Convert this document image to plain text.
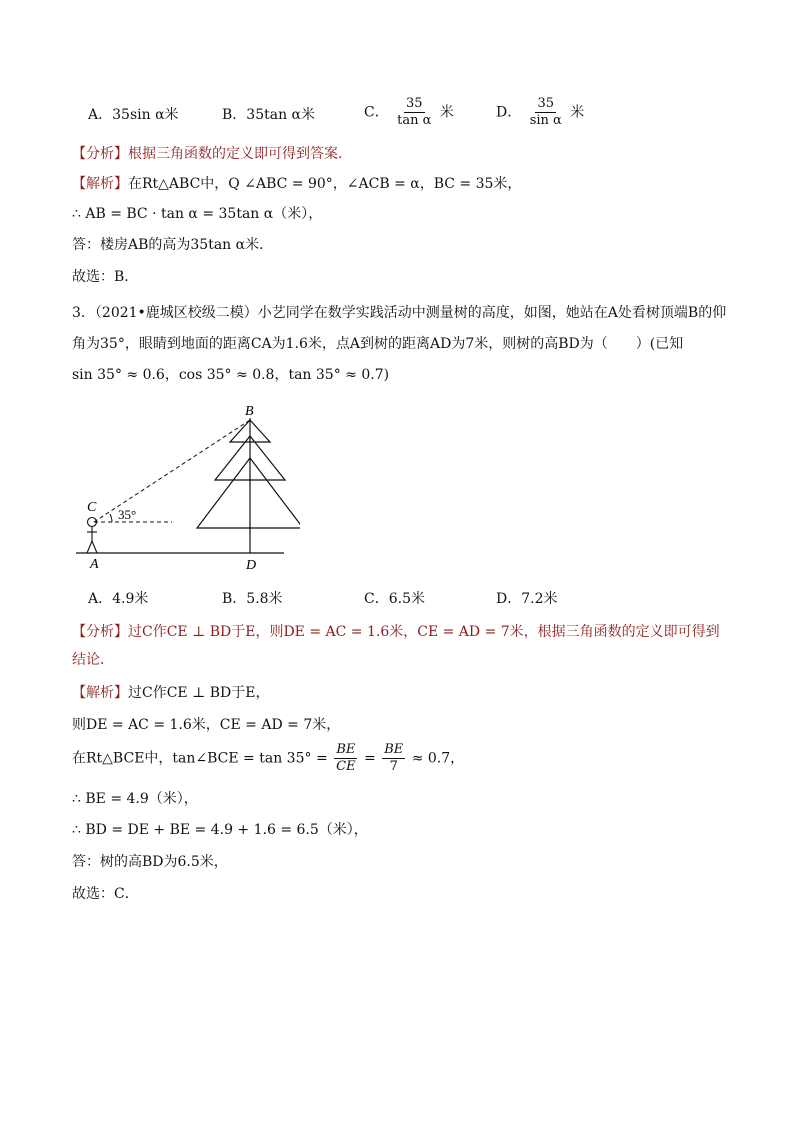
A．35sin α米	B．35tan α米	C． $\frac{35}{\text{tan α}}$ 米	D． $\frac{35}{\text{sin α}}$ 米
【分析】根据三角函数的定义即可得到答案．
【解析】在Rt△ABC中，Q ∠ABC = 90°，∠ACB = α，BC = 35米，
∴ AB = BC · tan α = 35tan α（米），
答：楼房AB的高为35tan α米．
故选：B．
3．（2021•鹿城区校级二模）小艺同学在数学实践活动中测量树的高度，如图，她站在A处看树顶端B的仰
角为35°，眼睛到地面的距离CA为1.6米，点A到树的距离AD为7米，则树的高BD为（　　）(已知
sin 35° ≈ 0.6，cos 35° ≈ 0.8，tan 35° ≈ 0.7)
35°
B
C
A	D
A．4.9米	B．5.8米	C．6.5米	D．7.2米
【分析】过C作CE ⊥ BD于E，则DE = AC = 1.6米，CE = AD = 7米，根据三角函数的定义即可得到结论．
【解析】过C作CE ⊥ BD于E，
则DE = AC = 1.6米，CE = AD = 7米，
在Rt△BCE中，tan∠BCE = $\tan 35^\circ = \frac{BE}{CE} = \frac{BE}{7} \approx 0.7$，
∴ BE = 4.9（米），
∴ BD = DE + BE = 4.9 + 1.6 = 6.5（米），
答：树的高BD为6.5米，
故选：C．
